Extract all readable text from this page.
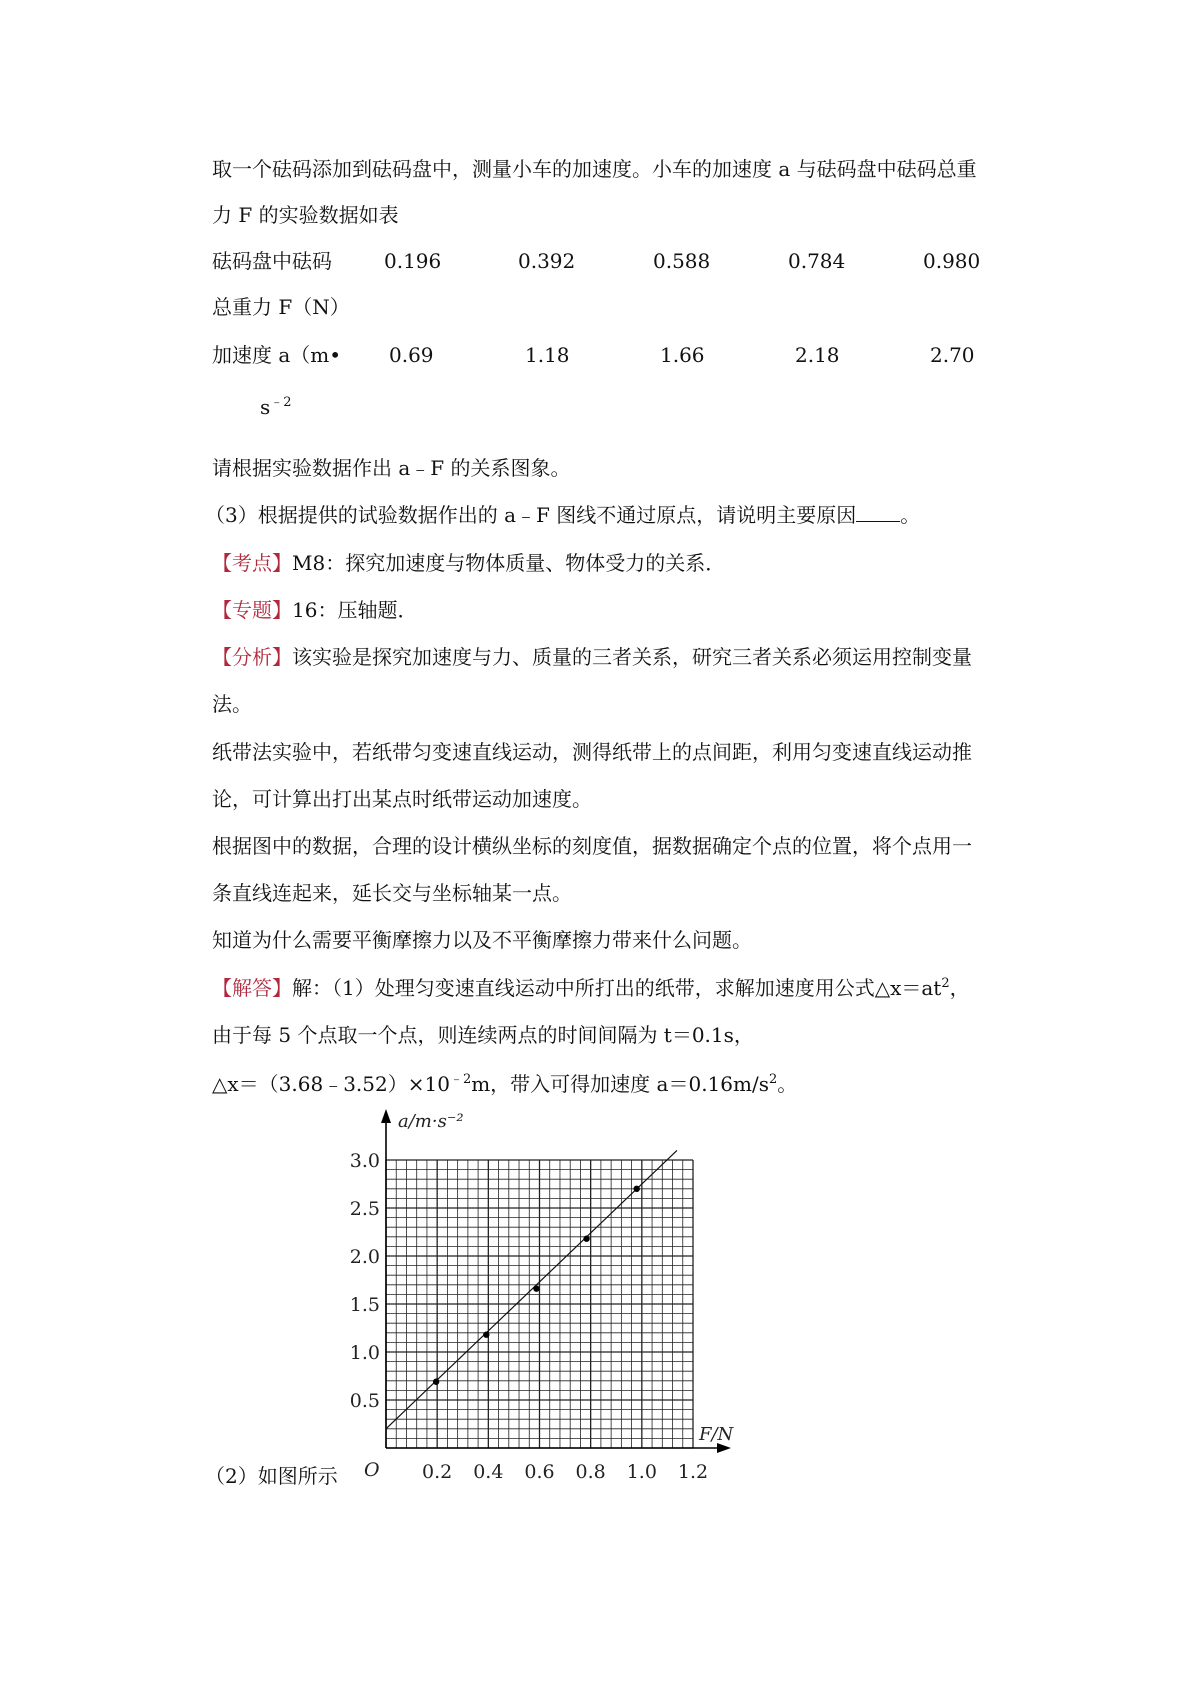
取一个砝码添加到砝码盘中，测量小车的加速度。小车的加速度 a 与砝码盘中砝码总重
力 F 的实验数据如表
砝码盘中砝码	0.196	0.392	0.588	0.784	0.980
总重力 F（N）
加速度 a（m• 0.69	1.18	1.66	2.18	2.70
$s^{﹣2}$
请根据实验数据作出 a﹣F 的关系图象。
（3）根据提供的试验数据作出的 a﹣F 图线不通过原点，请说明主要原因 。
【考点】M8：探究加速度与物体质量、物体受力的关系．
【专题】16：压轴题．
【分析】该实验是探究加速度与力、质量的三者关系，研究三者关系必须运用控制变量
法。
纸带法实验中，若纸带匀变速直线运动，测得纸带上的点间距，利用匀变速直线运动推
论，可计算出打出某点时纸带运动加速度。
根据图中的数据，合理的设计横纵坐标的刻度值，据数据确定个点的位置，将个点用一
条直线连起来，延长交与坐标轴某一点。
知道为什么需要平衡摩擦力以及不平衡摩擦力带来什么问题。
【解答】解：（1）处理匀变速直线运动中所打出的纸带，求解加速度用公式$\triangle x=at^2$，
由于每 5 个点取一个点，则连续两点的时间间隔为 t＝0.1s，
$\triangle x=(3.68﹣3.52)\times 10^{﹣2}m$，带入可得加速度 $a=0.16m/s^2$。
（2）如图所示	0.2 0.4 0.6 0.8 1.0 1.2
0.5
1.0
1.5
2.0
2.5
3.0
O
a/m·s⁻²
F/N
